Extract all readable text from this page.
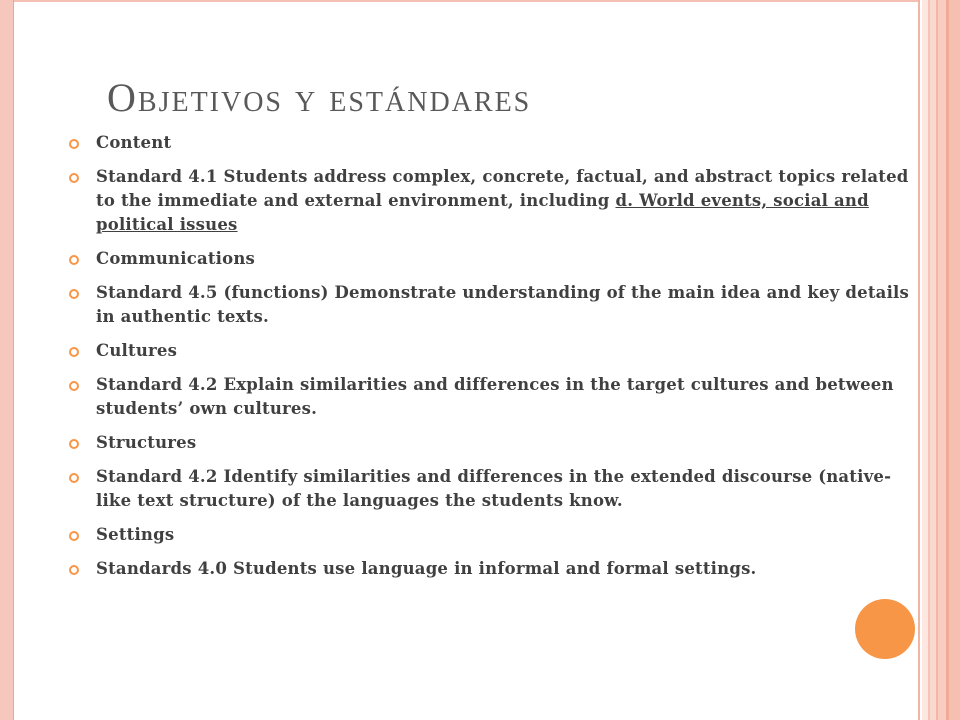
Objetivos y estándares
Content
Standard 4.1 Students address complex, concrete, factual, and abstract topics related to the immediate and external environment, including d. World events, social and political issues
Communications
Standard 4.5 (functions) Demonstrate understanding of the main idea and key details in authentic texts.
Cultures
Standard 4.2 Explain similarities and differences in the target cultures and between students’ own cultures.
Structures
Standard 4.2 Identify similarities and differences in the extended discourse (native-like text structure) of the languages the students know.
Settings
Standards 4.0 Students use language in informal and formal settings.
